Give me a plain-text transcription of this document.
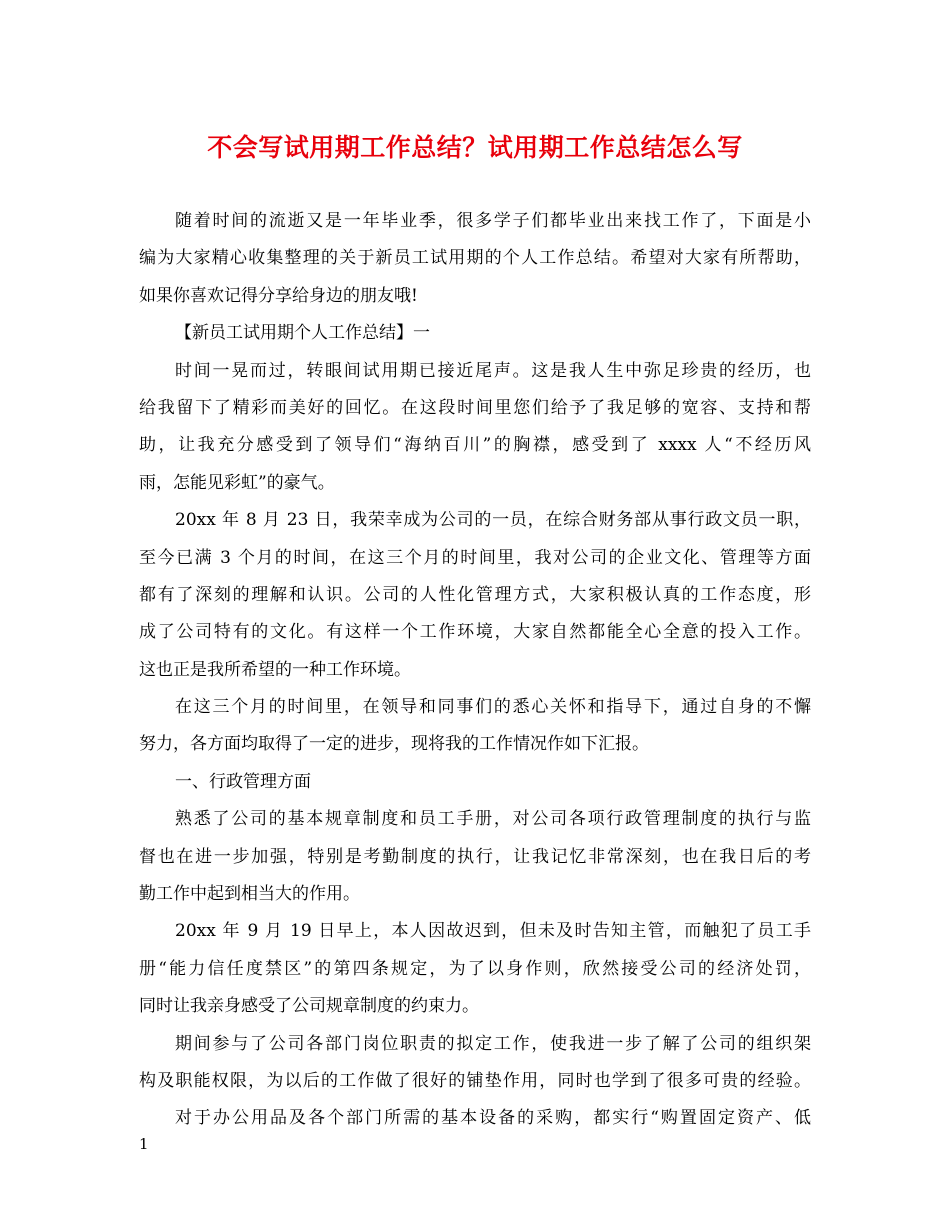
不会写试用期工作总结？试用期工作总结怎么写
随着时间的流逝又是一年毕业季，很多学子们都毕业出来找工作了，下面是小
编为大家精心收集整理的关于新员工试用期的个人工作总结。希望对大家有所帮助，
如果你喜欢记得分享给身边的朋友哦!
【新员工试用期个人工作总结】一
时间一晃而过，转眼间试用期已接近尾声。这是我人生中弥足珍贵的经历，也
给我留下了精彩而美好的回忆。在这段时间里您们给予了我足够的宽容、支持和帮
助，让我充分感受到了领导们“海纳百川”的胸襟，感受到了 xxxx 人“不经历风
雨，怎能见彩虹”的豪气。
20xx 年 8 月 23 日，我荣幸成为公司的一员，在综合财务部从事行政文员一职，
至今已满 3 个月的时间，在这三个月的时间里，我对公司的企业文化、管理等方面
都有了深刻的理解和认识。公司的人性化管理方式，大家积极认真的工作态度，形
成了公司特有的文化。有这样一个工作环境，大家自然都能全心全意的投入工作。
这也正是我所希望的一种工作环境。
在这三个月的时间里，在领导和同事们的悉心关怀和指导下，通过自身的不懈
努力，各方面均取得了一定的进步，现将我的工作情况作如下汇报。
一、行政管理方面
熟悉了公司的基本规章制度和员工手册，对公司各项行政管理制度的执行与监
督也在进一步加强，特别是考勤制度的执行，让我记忆非常深刻，也在我日后的考
勤工作中起到相当大的作用。
20xx 年 9 月 19 日早上，本人因故迟到，但未及时告知主管，而触犯了员工手
册“能力信任度禁区”的第四条规定，为了以身作则，欣然接受公司的经济处罚，
同时让我亲身感受了公司规章制度的约束力。
期间参与了公司各部门岗位职责的拟定工作，使我进一步了解了公司的组织架
构及职能权限，为以后的工作做了很好的铺垫作用，同时也学到了很多可贵的经验。
对于办公用品及各个部门所需的基本设备的采购，都实行“购置固定资产、低
1
